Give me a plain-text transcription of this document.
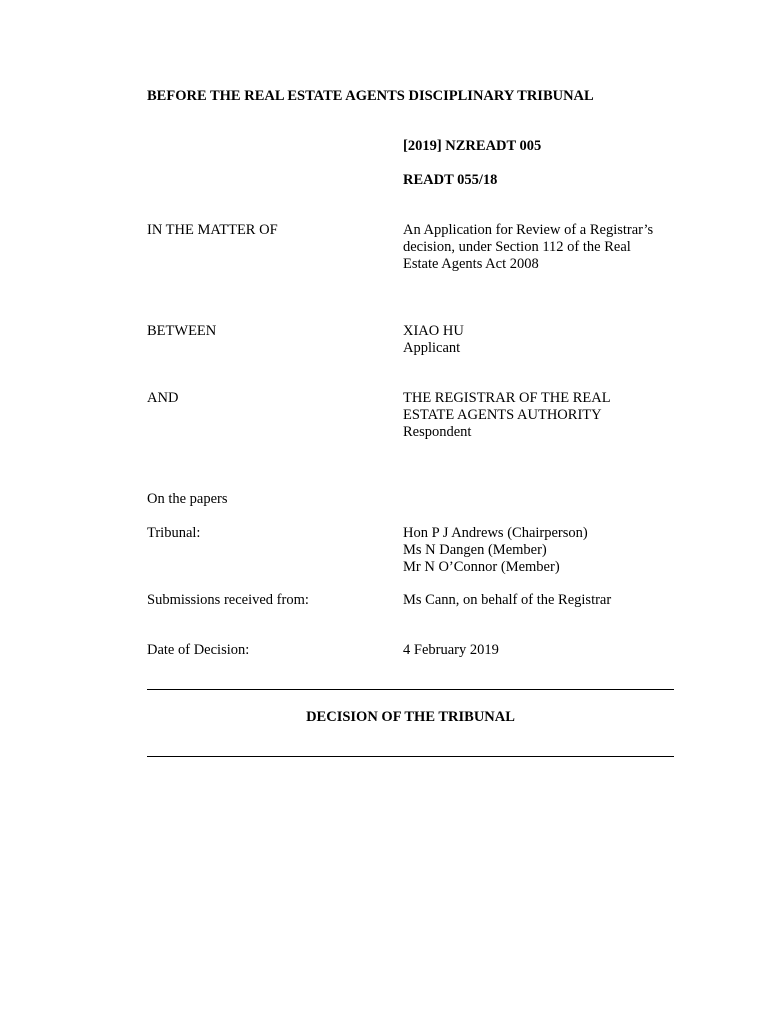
BEFORE THE REAL ESTATE AGENTS DISCIPLINARY TRIBUNAL

[2019] NZREADT 005

READT 055/18

IN THE MATTER OF	An Application for Review of a Registrar’s
decision, under Section 112 of the Real
Estate Agents Act 2008

BETWEEN	XIAO HU
Applicant

AND	THE REGISTRAR OF THE REAL
ESTATE AGENTS AUTHORITY
Respondent

On the papers

Tribunal:	Hon P J Andrews (Chairperson)
Ms N Dangen (Member)
Mr N O’Connor (Member)

Submissions received from:	Ms Cann, on behalf of the Registrar

Date of Decision:	4 February 2019

DECISION OF THE TRIBUNAL
